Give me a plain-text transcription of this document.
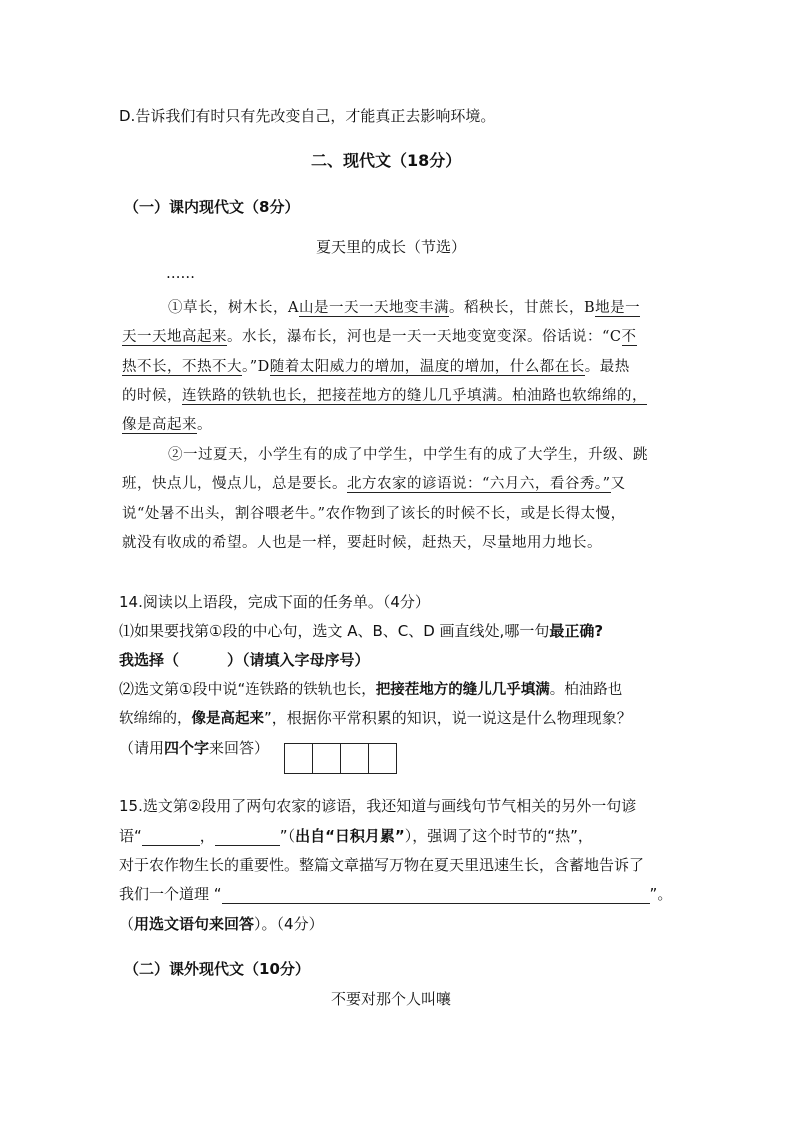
D.告诉我们有时只有先改变自己，才能真正去影响环境。
二、现代文（18分）
（一）课内现代文（8分）
夏天里的成长（节选）
……
①草长，树木长，A山是一天一天地变丰满。稻秧长，甘蔗长，B地是一
天一天地高起来。水长，瀑布长，河也是一天一天地变宽变深。俗话说：“C不
热不长，不热不大。”D随着太阳威力的增加，温度的增加，什么都在长。最热
的时候，连铁路的铁轨也长，把接茬地方的缝儿几乎填满。柏油路也软绵绵的，
像是高起来。
②一过夏天，小学生有的成了中学生，中学生有的成了大学生，升级、跳
班，快点儿，慢点儿，总是要长。北方农家的谚语说：“六月六，看谷秀。”又
说“处暑不出头，割谷喂老牛。”农作物到了该长的时候不长，或是长得太慢，
就没有收成的希望。人也是一样，要赶时候，赶热天，尽量地用力地长。
14.阅读以上语段，完成下面的任务单。（4分）
⑴如果要找第①段的中心句，选文 A、B、C、D 画直线处,哪一句最正确?
我选择（	）（请填入字母序号）
⑵选文第①段中说“连铁路的铁轨也长，把接茬地方的缝儿几乎填满。柏油路也
软绵绵的，像是高起来”，根据你平常积累的知识，说一说这是什么物理现象？
（请用四个字来回答）
15.选文第②段用了两句农家的谚语，我还知道与画线句节气相关的另外一句谚
语“	，	”（出自“日积月累”），强调了这个时节的“热”，
对于农作物生长的重要性。整篇文章描写万物在夏天里迅速生长，含蓄地告诉了
我们一个道理 “	”。
（用选文语句来回答）。（4分）
（二）课外现代文（10分）
不要对那个人叫嚷
